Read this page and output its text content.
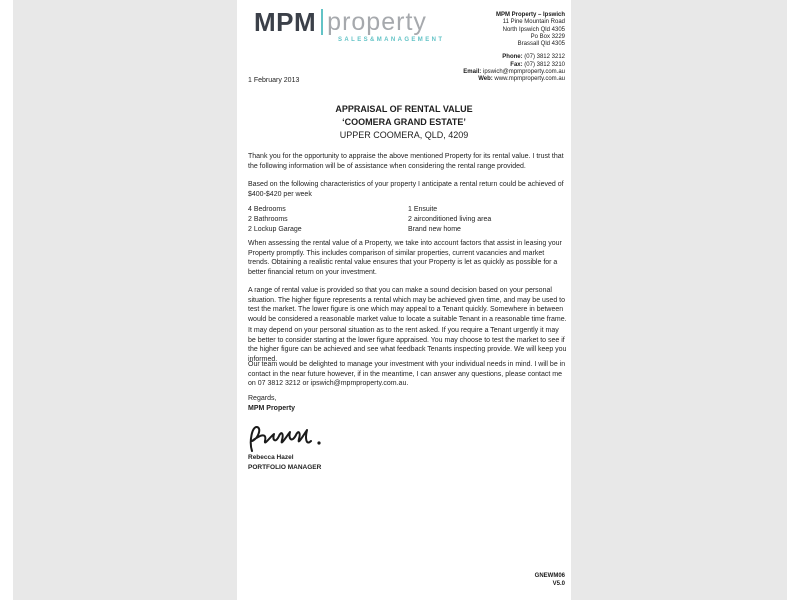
MPM property
SALES&MANAGEMENT
MPM Property – Ipswich
11 Pine Mountain Road
North Ipswich Qld 4305
Po Box 3229
Brassall Qld 4305
Phone: (07) 3812 3212
Fax: (07) 3812 3210
Email: ipswich@mpmproperty.com.au
Web: www.mpmproperty.com.au
1 February 2013
APPRAISAL OF RENTAL VALUE
‘COOMERA GRAND ESTATE’
UPPER COOMERA, QLD, 4209

Thank you for the opportunity to appraise the above mentioned Property for its rental value. I trust that the following information will be of assistance when considering the rental range provided.

Based on the following characteristics of your property I anticipate a rental return could be achieved of $400-$420 per week

4 Bedrooms	1 Ensuite
2 Bathrooms	2 airconditioned living area
2 Lockup Garage	Brand new home

When assessing the rental value of a Property, we take into account factors that assist in leasing your Property promptly. This includes comparison of similar properties, current vacancies and market trends. Obtaining a realistic rental value ensures that your Property is let as quickly as possible for a better financial return on your investment.

A range of rental value is provided so that you can make a sound decision based on your personal situation. The higher figure represents a rental which may be achieved given time, and may be used to test the market. The lower figure is one which may appeal to a Tenant quickly. Somewhere in between would be considered a reasonable market value to locate a suitable Tenant in a reasonable time frame.

It may depend on your personal situation as to the rent asked. If you require a Tenant urgently it may be better to consider starting at the lower figure appraised. You may choose to test the market to see if the higher figure can be achieved and see what feedback Tenants inspecting provide. We will keep you informed.

Our team would be delighted to manage your investment with your individual needs in mind. I will be in contact in the near future however, if in the meantime, I can answer any questions, please contact me on 07 3812 3212 or ipswich@mpmproperty.com.au.

Regards,
MPM Property
Rebecca Hazel
PORTFOLIO MANAGER
GNEWM06
V5.0
